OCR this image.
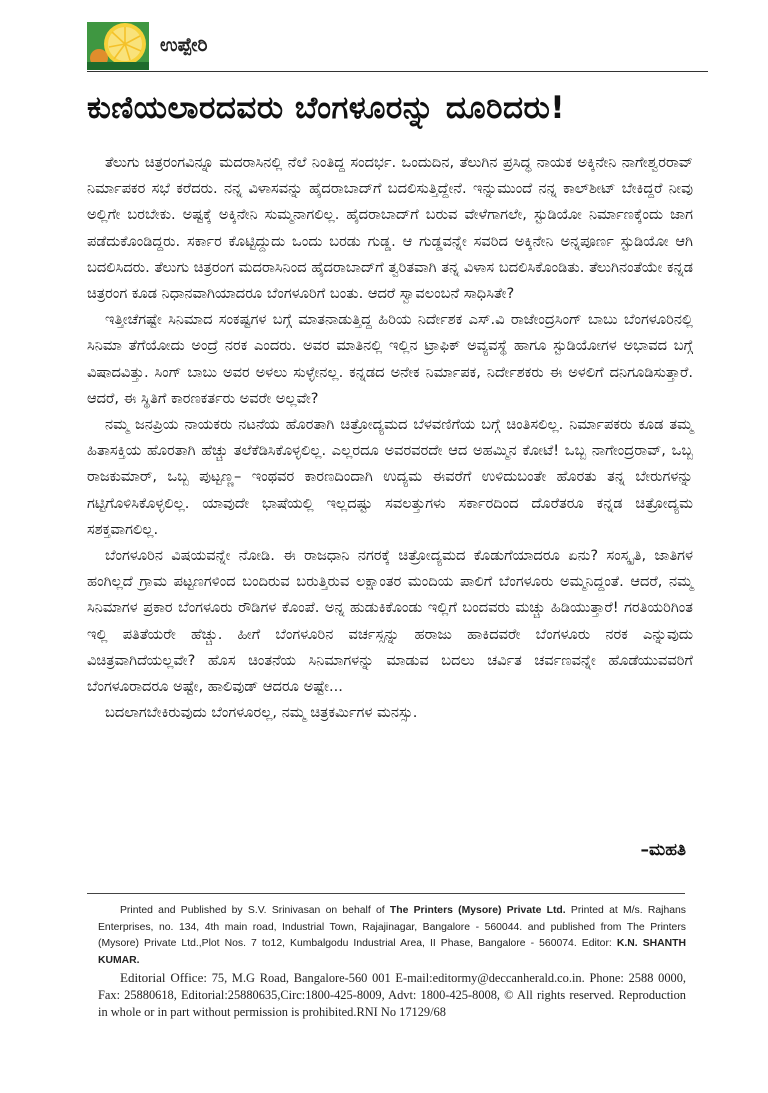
ಉಪ್ಪೇರಿ
ಕುಣಿಯಲಾರದವರು ಬೆಂಗಳೂರನ್ನು ದೂರಿದರು!

ತೆಲುಗು ಚಿತ್ರರಂಗವಿನ್ನೂ ಮದರಾಸಿನಲ್ಲಿ ನೆಲೆ ನಿಂತಿದ್ದ ಸಂದರ್ಭ. ಒಂದುದಿನ, ತೆಲುಗಿನ ಪ್ರಸಿದ್ಧ ನಾಯಕ ಅಕ್ಕಿನೇನಿ ನಾಗೇಶ್ವರರಾವ್ ನಿರ್ಮಾಪಕರ ಸಭೆ ಕರೆದರು. ನನ್ನ ವಿಳಾಸವನ್ನು ಹೈದರಾಬಾದ್‌ಗೆ ಬದಲಿಸುತ್ತಿದ್ದೇನೆ. ಇನ್ನುಮುಂದೆ ನನ್ನ ಕಾಲ್‌ಶೀಟ್ ಬೇಕಿದ್ದರೆ ನೀವು ಅಲ್ಲಿಗೇ ಬರಬೇಕು. ಅಷ್ಟಕ್ಕೆ ಅಕ್ಕಿನೇನಿ ಸುಮ್ಮನಾಗಲಿಲ್ಲ. ಹೈದರಾಬಾದ್‌ಗೆ ಬರುವ ವೇಳೆಗಾಗಲೇ, ಸ್ಟುಡಿಯೋ ನಿರ್ಮಾಣಕ್ಕೆಂದು ಜಾಗ ಪಡೆದುಕೊಂಡಿದ್ದರು. ಸರ್ಕಾರ ಕೊಟ್ಟಿದ್ದುದು ಒಂದು ಬರಡು ಗುಡ್ಡ. ಆ ಗುಡ್ಡವನ್ನೇ ಸವರಿದ ಅಕ್ಕಿನೇನಿ ಅನ್ನಪೂರ್ಣ ಸ್ಟುಡಿಯೋ ಆಗಿ ಬದಲಿಸಿದರು. ತೆಲುಗು ಚಿತ್ರರಂಗ ಮದರಾಸಿನಿಂದ ಹೈದರಾಬಾದ್‌ಗೆ ತ್ವರಿತವಾಗಿ ತನ್ನ ವಿಳಾಸ ಬದಲಿಸಿಕೊಂಡಿತು. ತೆಲುಗಿನಂತೆಯೇ ಕನ್ನಡ ಚಿತ್ರರಂಗ ಕೂಡ ನಿಧಾನವಾಗಿಯಾದರೂ ಬೆಂಗಳೂರಿಗೆ ಬಂತು. ಆದರೆ ಸ್ವಾವಲಂಬನೆ ಸಾಧಿಸಿತೇ?

ಇತ್ತೀಚೆಗಷ್ಟೇ ಸಿನಿಮಾದ ಸಂಕಷ್ಟಗಳ ಬಗ್ಗೆ ಮಾತನಾಡುತ್ತಿದ್ದ ಹಿರಿಯ ನಿರ್ದೇಶಕ ಎಸ್.ವಿ ರಾಜೇಂದ್ರಸಿಂಗ್ ಬಾಬು ಬೆಂಗಳೂರಿನಲ್ಲಿ ಸಿನಿಮಾ ತೆಗೆಯೋದು ಅಂದ್ರೆ ನರಕ ಎಂದರು. ಅವರ ಮಾತಿನಲ್ಲಿ ಇಲ್ಲಿನ ಟ್ರಾಫಿಕ್ ಅವ್ಯವಸ್ಥೆ ಹಾಗೂ ಸ್ಟುಡಿಯೋಗಳ ಅಭಾವದ ಬಗ್ಗೆ ವಿಷಾದವಿತ್ತು. ಸಿಂಗ್ ಬಾಬು ಅವರ ಅಳಲು ಸುಳ್ಳೇನಲ್ಲ. ಕನ್ನಡದ ಅನೇಕ ನಿರ್ಮಾಪಕ, ನಿರ್ದೇಶಕರು ಈ ಅಳಲಿಗೆ ದನಿಗೂಡಿಸುತ್ತಾರೆ. ಆದರೆ, ಈ ಸ್ಥಿತಿಗೆ ಕಾರಣಕರ್ತರು ಅವರೇ ಅಲ್ಲವೇ?

ನಮ್ಮ ಜನಪ್ರಿಯ ನಾಯಕರು ನಟನೆಯ ಹೊರತಾಗಿ ಚಿತ್ರೋದ್ಯಮದ ಬೆಳವಣಿಗೆಯ ಬಗ್ಗೆ ಚಿಂತಿಸಲಿಲ್ಲ. ನಿರ್ಮಾಪಕರು ಕೂಡ ತಮ್ಮ ಹಿತಾಸಕ್ತಿಯ ಹೊರತಾಗಿ ಹೆಚ್ಚು ತಲೆಕೆಡಿಸಿಕೊಳ್ಳಲಿಲ್ಲ. ಎಲ್ಲರದೂ ಅವರವರದೇ ಆದ ಅಹಮ್ಮಿನ ಕೋಟೆ! ಒಬ್ಬ ನಾಗೇಂದ್ರರಾವ್, ಒಬ್ಬ ರಾಜಕುಮಾರ್, ಒಬ್ಬ ಪುಟ್ಟಣ್ಣ– ಇಂಥವರ ಕಾರಣದಿಂದಾಗಿ ಉದ್ಯಮ ಈವರೆಗೆ ಉಳಿದುಬಂತೇ ಹೊರತು ತನ್ನ ಬೇರುಗಳನ್ನು ಗಟ್ಟಿಗೊಳಿಸಿಕೊಳ್ಳಲಿಲ್ಲ. ಯಾವುದೇ ಭಾಷೆಯಲ್ಲಿ ಇಲ್ಲದಷ್ಟು ಸವಲತ್ತುಗಳು ಸರ್ಕಾರದಿಂದ ದೊರೆತರೂ ಕನ್ನಡ ಚಿತ್ರೋದ್ಯಮ ಸಶಕ್ತವಾಗಲಿಲ್ಲ.

ಬೆಂಗಳೂರಿನ ವಿಷಯವನ್ನೇ ನೋಡಿ. ಈ ರಾಜಧಾನಿ ನಗರಕ್ಕೆ ಚಿತ್ರೋದ್ಯಮದ ಕೊಡುಗೆಯಾದರೂ ಏನು? ಸಂಸ್ಕೃತಿ, ಜಾತಿಗಳ ಹಂಗಿಲ್ಲದೆ ಗ್ರಾಮ ಪಟ್ಟಣಗಳಿಂದ ಬಂದಿರುವ ಬರುತ್ತಿರುವ ಲಕ್ಷಾಂತರ ಮಂದಿಯ ಪಾಲಿಗೆ ಬೆಂಗಳೂರು ಅಮ್ಮನಿದ್ದಂತೆ. ಆದರೆ, ನಮ್ಮ ಸಿನಿಮಾಗಳ ಪ್ರಕಾರ ಬೆಂಗಳೂರು ರೌಡಿಗಳ ಕೊಂಪೆ. ಅನ್ನ ಹುಡುಕಿಕೊಂಡು ಇಲ್ಲಿಗೆ ಬಂದವರು ಮಚ್ಚು ಹಿಡಿಯುತ್ತಾರೆ! ಗರತಿಯರಿಗಿಂತ ಇಲ್ಲಿ ಪತಿತೆಯರೇ ಹೆಚ್ಚು. ಹೀಗೆ ಬೆಂಗಳೂರಿನ ವರ್ಚಸ್ಸನ್ನು ಹರಾಜು ಹಾಕಿದವರೇ ಬೆಂಗಳೂರು ನರಕ ಎನ್ನುವುದು ವಿಚಿತ್ರವಾಗಿದೆಯಲ್ಲವೇ? ಹೊಸ ಚಿಂತನೆಯ ಸಿನಿಮಾಗಳನ್ನು ಮಾಡುವ ಬದಲು ಚರ್ವಿತ ಚರ್ವಣವನ್ನೇ ಹೊಡೆಯುವವರಿಗೆ ಬೆಂಗಳೂರಾದರೂ ಅಷ್ಟೇ, ಹಾಲಿವುಡ್ ಆದರೂ ಅಷ್ಟೇ...

ಬದಲಾಗಬೇಕಿರುವುದು ಬೆಂಗಳೂರಲ್ಲ, ನಮ್ಮ ಚಿತ್ರಕರ್ಮಿಗಳ ಮನಸ್ಸು.

–ಮಹತಿ

Printed and Published by S.V. Srinivasan on behalf of The Printers (Mysore) Private Ltd. Printed at M/s. Rajhans Enterprises, no. 134, 4th main road, Industrial Town, Rajajinagar, Bangalore - 560044. and published from The Printers (Mysore) Private Ltd.,Plot Nos. 7 to12, Kumbalgodu Industrial Area, II Phase, Bangalore - 560074. Editor: K.N. SHANTH KUMAR.

Editorial Office: 75, M.G Road, Bangalore-560 001 E-mail:editormy@deccanherald.co.in. Phone: 2588 0000, Fax: 25880618, Editorial:25880635,Circ:1800-425-8009, Advt: 1800-425-8008, © All rights reserved. Reproduction in whole or in part without permission is prohibited.RNI No 17129/68
